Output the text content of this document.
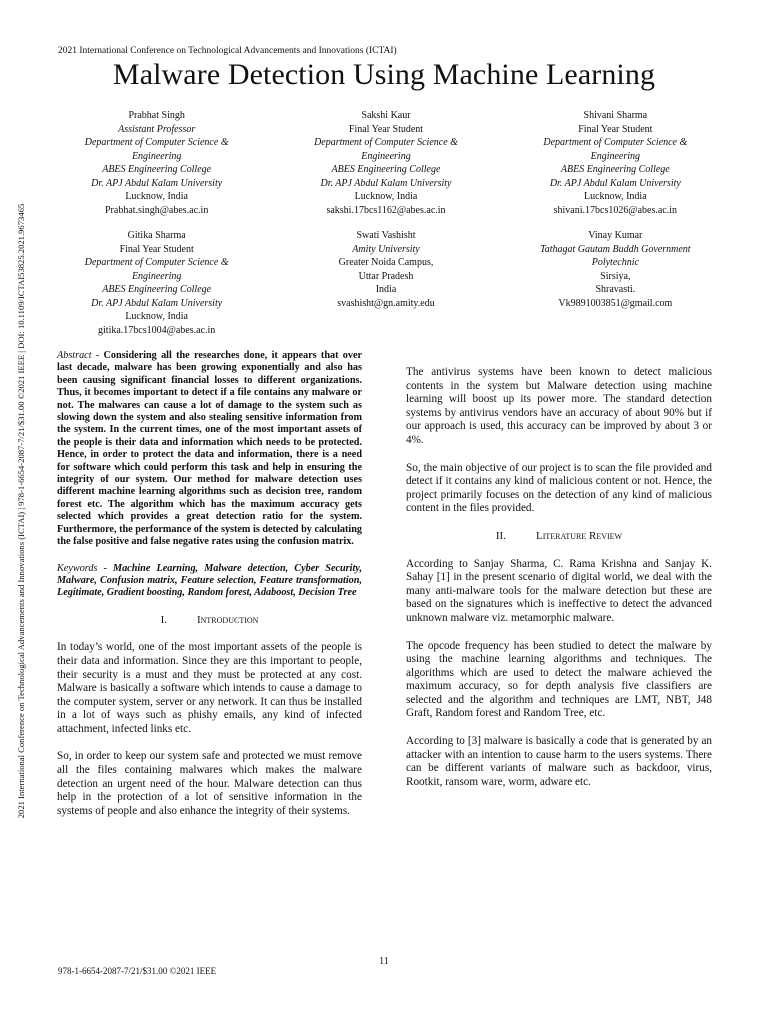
2021 International Conference on Technological Advancements and Innovations (ICTAI)
Malware Detection Using Machine Learning
Prabhat Singh
Assistant Professor
Department of Computer Science &
Engineering
ABES Engineering College
Dr. APJ Abdul Kalam University
Lucknow, India
Prabhat.singh@abes.ac.in
Sakshi Kaur
Final Year Student
Department of Computer Science &
Engineering
ABES Engineering College
Dr. APJ Abdul Kalam University
Lucknow, India
sakshi.17bcs1162@abes.ac.in
Shivani Sharma
Final Year Student
Department of Computer Science &
Engineering
ABES Engineering College
Dr. APJ Abdul Kalam University
Lucknow, India
shivani.17bcs1026@abes.ac.in
Gitika Sharma
Final Year Student
Department of Computer Science &
Engineering
ABES Engineering College
Dr. APJ Abdul Kalam University
Lucknow, India
gitika.17bcs1004@abes.ac.in
Swati Vashisht
Amity University
Greater Noida Campus,
Uttar Pradesh
India
svashisht@gn.amity.edu
Vinay Kumar
Tathagat Gautam Buddh Government
Polytechnic
Sirsiya,
Shravasti.
Vk9891003851@gmail.com
2021 International Conference on Technological Advancements and Innovations (ICTAI) | 978-1-6654-2087-7/21/$31.00 ©2021 IEEE | DOI: 10.1109/ICTAI53825.2021.9673465	Abstract - Considering all the researches done, it appears that over last decade, malware has been growing exponentially and also has been causing significant financial losses to different organizations. Thus, it becomes important to detect if a file contains any malware or not. The malwares can cause a lot of damage to the system such as slowing down the system and also stealing sensitive information from the system. In the current times, one of the most important assets of the people is their data and information which needs to be protected. Hence, in order to protect the data and information, there is a need for software which could perform this task and help in ensuring the integrity of our system. Our method for malware detection uses different machine learning algorithms such as decision tree, random forest etc. The algorithm which has the maximum accuracy gets selected which provides a great detection ratio for the system. Furthermore, the performance of the system is detected by calculating the false positive and false negative rates using the confusion matrix.
Keywords - Machine Learning, Malware detection, Cyber Security, Malware, Confusion matrix, Feature selection, Feature transformation, Legitimate, Gradient boosting, Random forest, Adaboost, Decision Tree
I.	Introduction

In today’s world, one of the most important assets of the people is their data and information. Since they are this important to people, their security is a must and they must be protected at any cost. Malware is basically a software which intends to cause a damage to the computer system, server or any network. It can thus be installed in a lot of ways such as phishy emails, any kind of infected attachment, infected links etc.

So, in order to keep our system safe and protected we must remove all the files containing malwares which makes the malware detection an urgent need of the hour. Malware detection can thus help in the protection of a lot of sensitive information in the systems of people and also enhance the integrity of their systems.

The antivirus systems have been known to detect malicious contents in the system but Malware detection using machine learning will boost up its power more. The standard detection systems by antivirus vendors have an accuracy of about 90% but if our approach is used, this accuracy can be improved by about 3 or 4%.

So, the main objective of our project is to scan the file provided and detect if it contains any kind of malicious content or not. Hence, the project primarily focuses on the detection of any kind of malicious content in the files provided.

II.	Literature Review

According to Sanjay Sharma, C. Rama Krishna and Sanjay K. Sahay [1] in the present scenario of digital world, we deal with the many anti-malware tools for the malware detection but these are based on the signatures which is ineffective to detect the advanced unknown malware viz. metamorphic malware.

The opcode frequency has been studied to detect the malware by using the machine learning algorithms and techniques. The algorithms which are used to detect the malware achieved the maximum accuracy, so for depth analysis five classifiers are selected and the algorithm and techniques are LMT, NBT, J48 Graft, Random forest and Random Tree, etc.

According to [3] malware is basically a code that is generated by an attacker with an intention to cause harm to the users systems. There can be different variants of malware such as backdoor, virus, Rootkit, ransom ware, worm, adware etc.

11
978-1-6654-2087-7/21/$31.00 ©2021 IEEE
